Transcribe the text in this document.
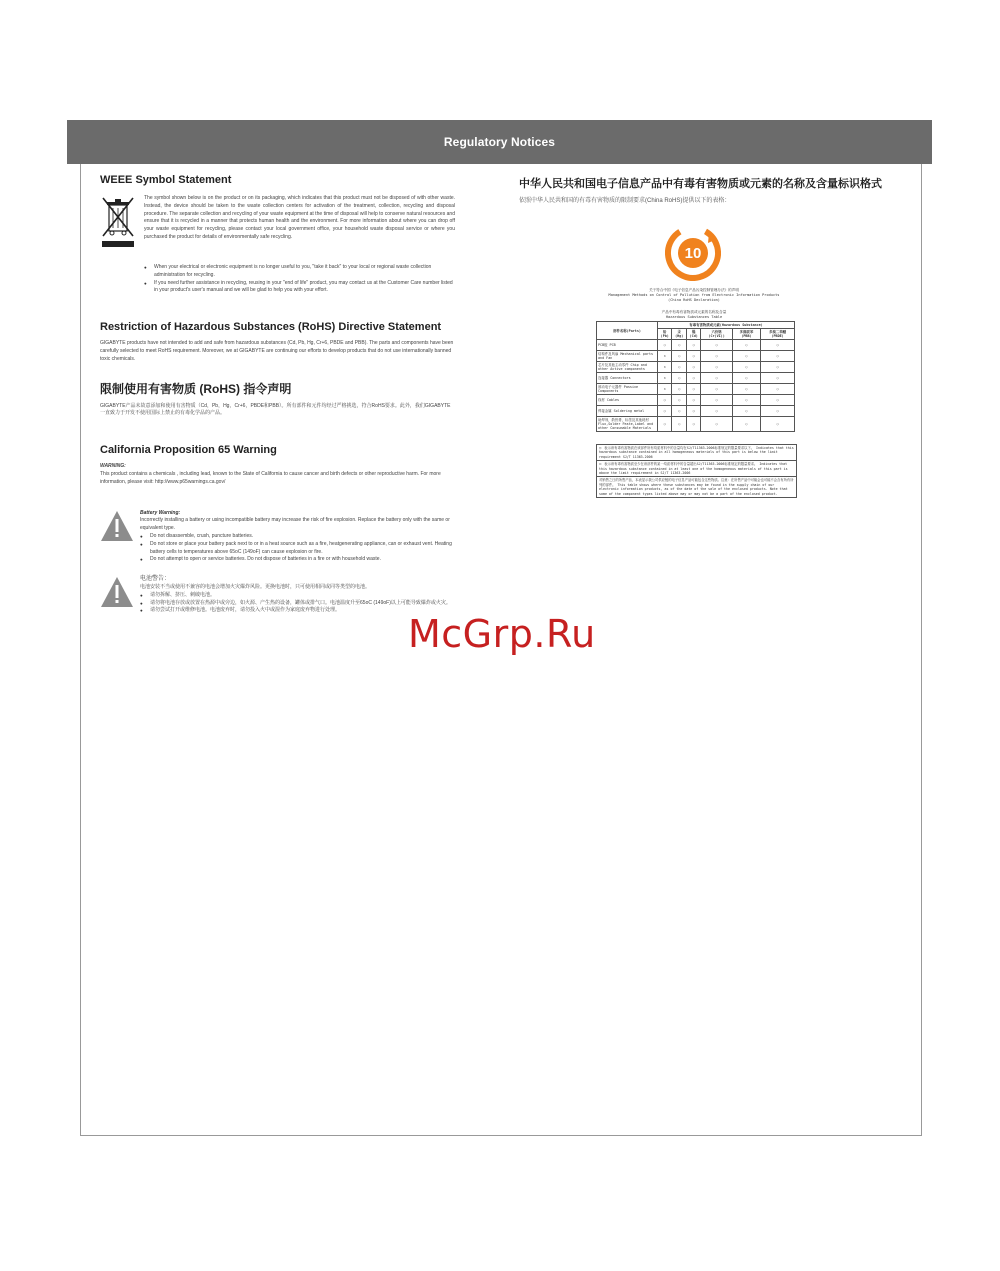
Regulatory Notices
WEEE Symbol Statement

The symbol shown below is on the product or on its packaging, which indicates that this product must not be disposed of with other waste. Instead, the device should be taken to the waste collection centers for activation of the treatment, collection, recycling and disposal procedure. The separate collection and recycling of your waste equipment at the time of disposal will help to conserve natural resources and ensure that it is recycled in a manner that protects human health and the environment. For more information about where you can drop off your waste equipment for recycling, please contact your local government office, your household waste disposal service or where you purchased the product for details of environmentally safe recycling.

● When your electrical or electronic equipment is no longer useful to you, "take it back" to your local or regional waste collection administration for recycling.
● If you need further assistance in recycling, reusing in your "end of life" product, you may contact us at the Customer Care number listed in your product's user's manual and we will be glad to help you with your effort.
Restriction of Hazardous Substances (RoHS) Directive Statement

GIGABYTE products have not intended to add and safe from hazardous substances (Cd, Pb, Hg, Cr+6, PBDE and PBB). The parts and components have been carefully selected to meet RoHS requirement. Moreover, we at GIGABYTE are continuing our efforts to develop products that do not use internationally banned toxic chemicals.

限制使用有害物质 (RoHS) 指令声明

GIGABYTE产品未故意添加和使用有害物质（Cd，Pb，Hg，Cr+6，PBDE和PBB）。所有部件和元件均经过严格挑选，符合RoHS要求。此外，我们GIGABYTE一直致力于开发不使用国际上禁止的有毒化学品的产品。

California Proposition 65 Warning

WARNING:

This product contains a chemicals , including lead, known to the State of California to cause cancer and birth defects or other reproductive harm. For more information, please visit: http://www.p65warnings.ca.gov/

Battery Warning:

Incorrectly installing a battery or using incompatible battery may increase the risk of fire explosion. Replace the battery only with the same or equivalent type.

● Do not disassemble, crush, puncture batteries.
● Do not store or place your battery pack next to or in a heat source such as a fire, heatgenerating appliance, can or exhaust vent. Heating battery cells to temperatures above 65oC (149oF) can cause explosion or fire.
● Do not attempt to open or service batteries. Do not dispose of batteries in a fire or with household waste.

电池警告：

电池安装不当或使用不兼容的电池会增加火灾爆炸风险。更换电池时，只可使用相同或同等类型的电池。

● 请勿拆解、挤压、刺破电池。
● 请勿将电池存放或放置在热源中或旁边，如火源、产生热的设备，罐体或排气口。电池温度升至65oC (149oF)以上可能导致爆炸或火灾。
● 请勿尝试打开或维修电池。电池废弃时，请勿投入火中或混作为家庭废弃物进行处理。

中华人民共和国电子信息产品中有毒有害物质或元素的名称及含量标识格式

依照中华人民共和国的有毒有害物质的限制要求(China RoHS)提供以下的表格：

10
关于符合中国《电子信息产品污染控制管理办法》的声明
Management Methods on Control of Pollution from Electronic Information Products
(China RoHS Declaration)
产品中有毒有害物质或元素的名称及含量
Hazardous Substances Table
部件名称(Parts)	有毒有害物质或元素(Hazardous Substance)					
	铅(Pb)	汞(Hg)	镉(Cd)	六价铬 (Cr(VI))	多溴联苯 (PBB)	多溴二苯醚 (PBDE)
PCB板 PCB	○	○	○	○	○	○
结构件及风扇 Mechanical parts and Fan	×	○	○	○	○	○
芯片及其他主动零件 Chip and other Active components	×	○	○	○	○	○
连接器 Connectors	×	○	○	○	○	○
被动电子元器件 Passive Components	×	○	○	○	○	○
线材 Cables	○	○	○	○	○	○
焊接金属 Soldering metal	○	○	○	○	○	○
助焊剂，散热膏，标签及其他耗材 Flux,Solder Paste,Label and other Consumable Materials	○	○	○	○	○	○
○：表示该有毒有害物质在该部件所有均质材料中的含量均在SJ/T11363-2006标准规定的限量要求以下。 Indicates that this hazardous substance contained in all homogeneous materials of this part is below the limit requirement SJ/T 11363-2006
×：表示该有毒有害物质至少在该部件的某一均质材料中的含量超出SJ/T11363-2006标准规定的限量要求。 Indicates that this hazardous substance contained in at least one of the homogeneous materials of this part is above the limit requirement in SJ/T 11363-2006
对销售之日的所售产品，本表显示我公司供应链的电子信息产品可能包含这些物质。注意：在所售产品中可能会也可能不会含有所有所列的部件。 This table shows where these substances may be found in the supply chain of our electronic information products, as of the date of the sale of the enclosed products. Note that some of the component types listed above may or may not be a part of the enclosed product.
McGrp.Ru
